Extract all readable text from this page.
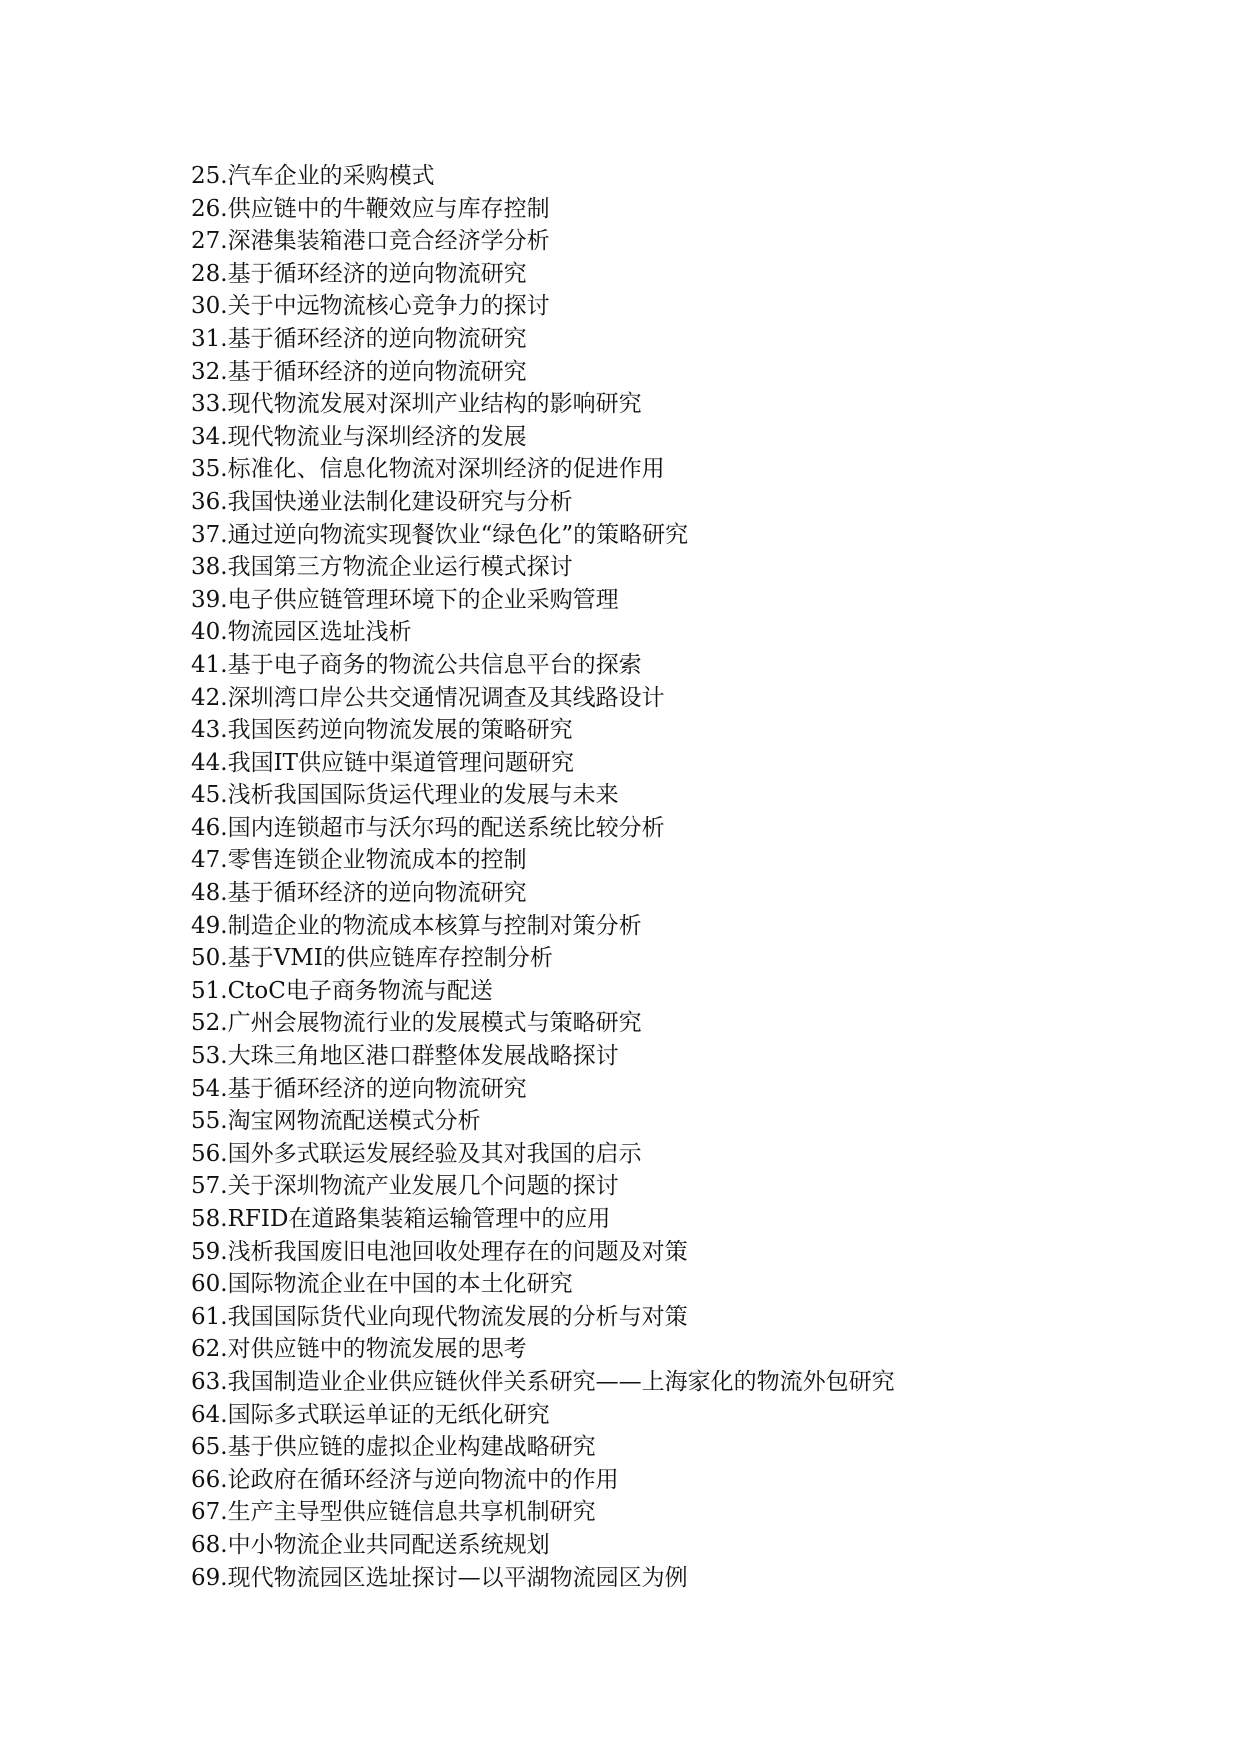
25.汽车企业的采购模式
26.供应链中的牛鞭效应与库存控制
27.深港集装箱港口竞合经济学分析
28.基于循环经济的逆向物流研究
30.关于中远物流核心竞争力的探讨
31.基于循环经济的逆向物流研究
32.基于循环经济的逆向物流研究
33.现代物流发展对深圳产业结构的影响研究
34.现代物流业与深圳经济的发展
35.标准化、信息化物流对深圳经济的促进作用
36.我国快递业法制化建设研究与分析
37.通过逆向物流实现餐饮业“绿色化”的策略研究
38.我国第三方物流企业运行模式探讨
39.电子供应链管理环境下的企业采购管理
40.物流园区选址浅析
41.基于电子商务的物流公共信息平台的探索
42.深圳湾口岸公共交通情况调查及其线路设计
43.我国医药逆向物流发展的策略研究
44.我国IT供应链中渠道管理问题研究
45.浅析我国国际货运代理业的发展与未来
46.国内连锁超市与沃尔玛的配送系统比较分析
47.零售连锁企业物流成本的控制
48.基于循环经济的逆向物流研究
49.制造企业的物流成本核算与控制对策分析
50.基于VMI的供应链库存控制分析
51.CtoC电子商务物流与配送
52.广州会展物流行业的发展模式与策略研究
53.大珠三角地区港口群整体发展战略探讨
54.基于循环经济的逆向物流研究
55.淘宝网物流配送模式分析
56.国外多式联运发展经验及其对我国的启示
57.关于深圳物流产业发展几个问题的探讨
58.RFID在道路集装箱运输管理中的应用
59.浅析我国废旧电池回收处理存在的问题及对策
60.国际物流企业在中国的本土化研究
61.我国国际货代业向现代物流发展的分析与对策
62.对供应链中的物流发展的思考
63.我国制造业企业供应链伙伴关系研究——上海家化的物流外包研究
64.国际多式联运单证的无纸化研究
65.基于供应链的虚拟企业构建战略研究
66.论政府在循环经济与逆向物流中的作用
67.生产主导型供应链信息共享机制研究
68.中小物流企业共同配送系统规划
69.现代物流园区选址探讨—以平湖物流园区为例
